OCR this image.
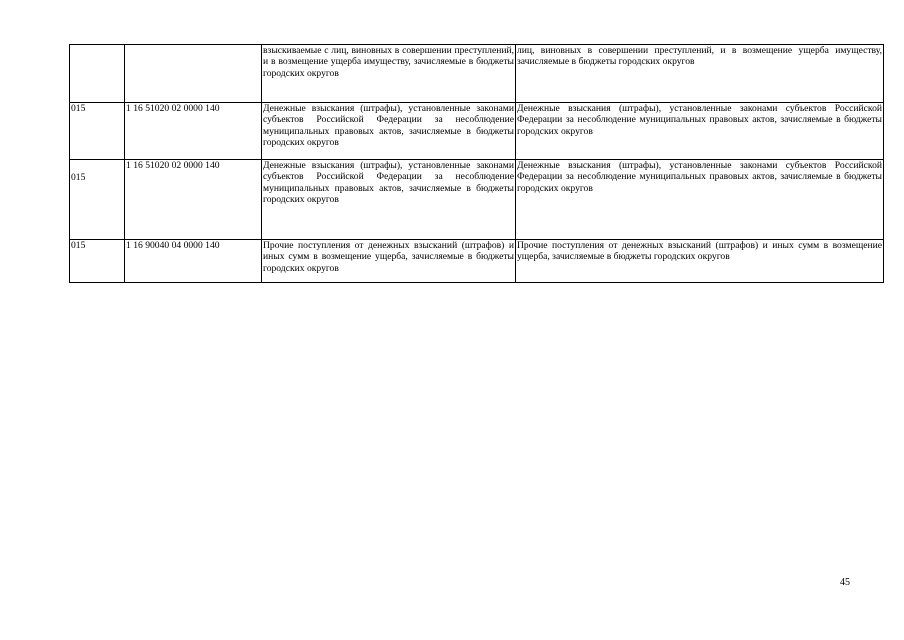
		взыскиваемые с лиц, виновных в совершении преступлений, и в возмещение ущерба имуществу, зачисляемые в бюджеты городских округов	лиц, виновных в совершении преступлений, и в возмещение ущерба имуществу, зачисляемые в бюджеты городских округов
015	1 16 51020 02 0000 140	Денежные взыскания (штрафы), установленные законами субъектов Российской Федерации за несоблюдение муниципальных правовых актов, зачисляемые в бюджеты городских округов	Денежные взыскания (штрафы), установленные законами субъектов Российской Федерации за несоблюдение муниципальных правовых актов, зачисляемые в бюджеты городских округов
015	1 16 51020 02 0000 140	Денежные взыскания (штрафы), установленные законами субъектов Российской Федерации за несоблюдение муниципальных правовых актов, зачисляемые в бюджеты городских округов	Денежные взыскания (штрафы), установленные законами субъектов Российской Федерации за несоблюдение муниципальных правовых актов, зачисляемые в бюджеты городских округов
015	1 16 90040 04 0000 140	Прочие поступления от денежных взысканий (штрафов) и иных сумм в возмещение ущерба, зачисляемые в бюджеты городских округов	Прочие поступления от денежных взысканий (штрафов) и иных сумм в возмещение ущерба, зачисляемые в бюджеты городских округов
45
